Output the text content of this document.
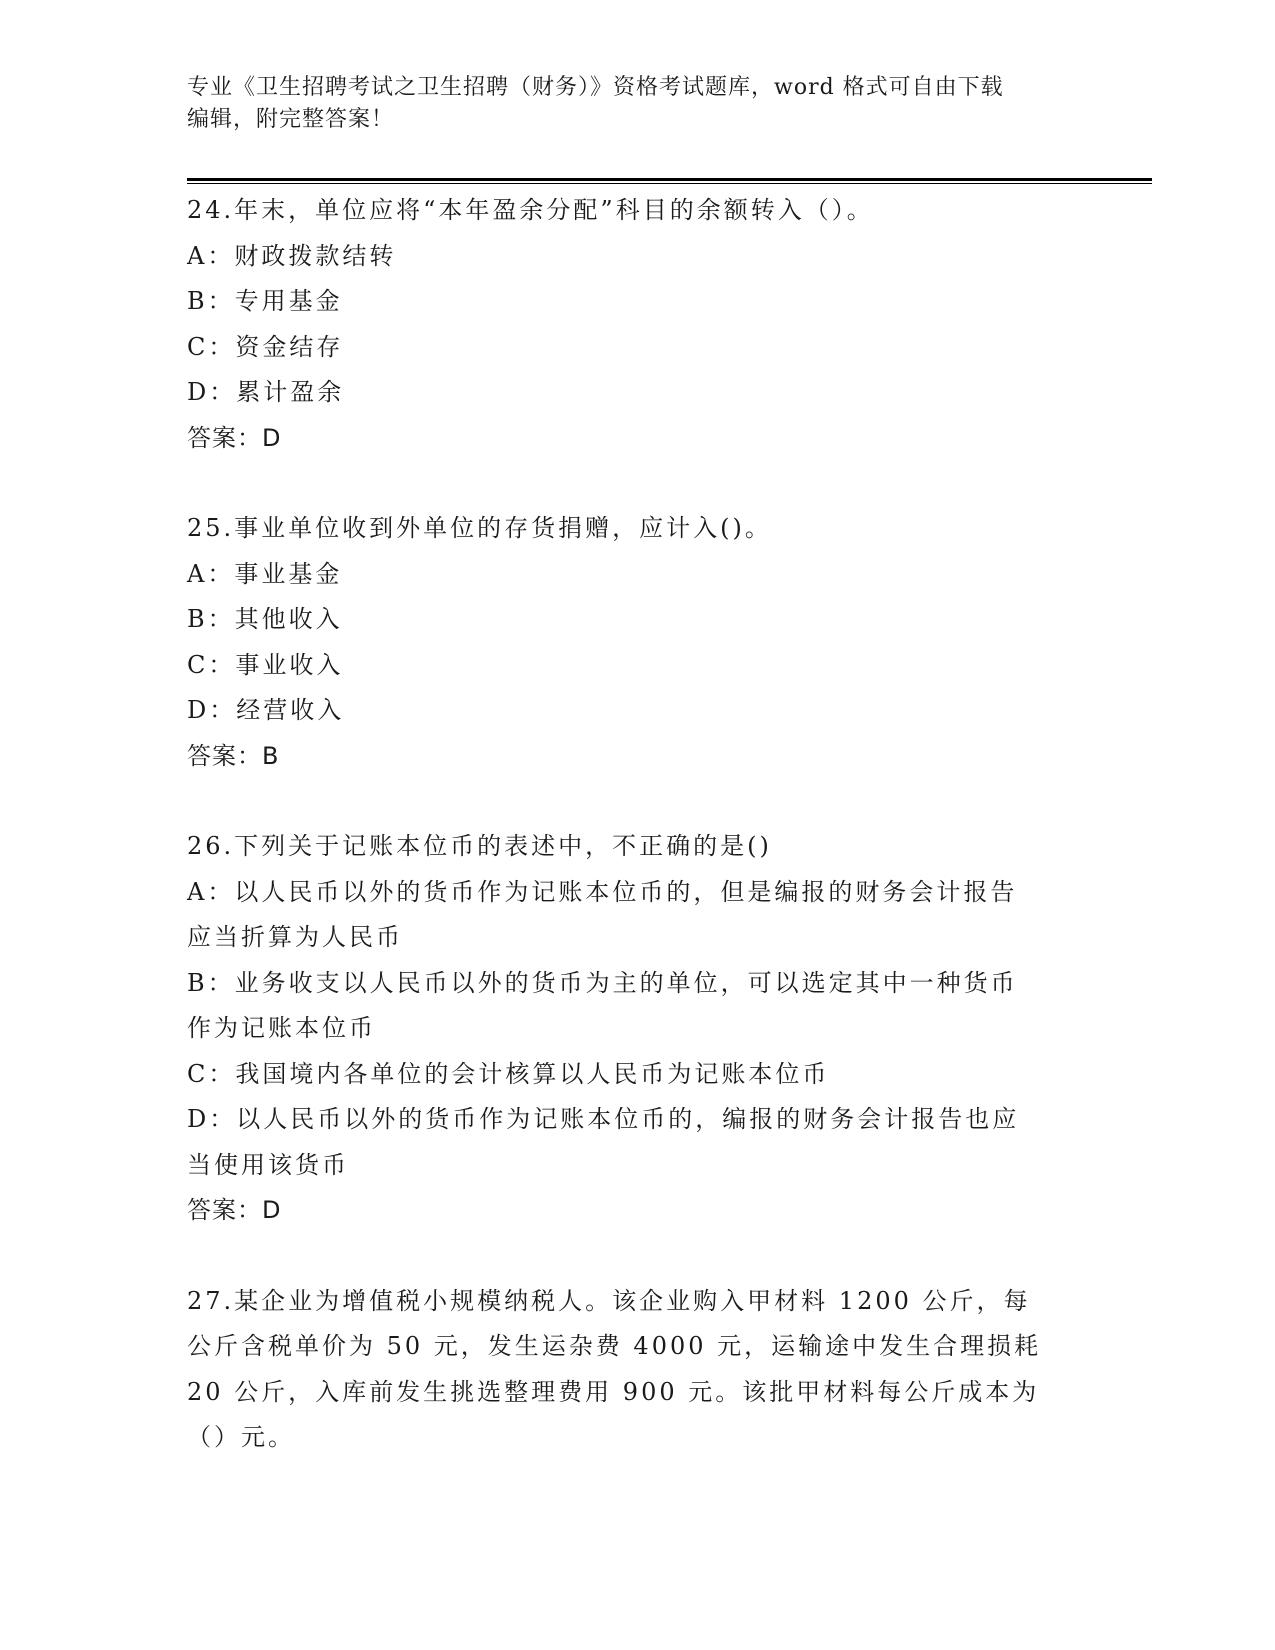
专业《卫生招聘考试之卫生招聘（财务）》资格考试题库，word 格式可自由下载
编辑，附完整答案！
24.年末，单位应将“本年盈余分配”科目的余额转入（）。
A：财政拨款结转
B：专用基金
C：资金结存
D：累计盈余
答案：D
25.事业单位收到外单位的存货捐赠，应计入()。
A：事业基金
B：其他收入
C：事业收入
D：经营收入
答案：B
26.下列关于记账本位币的表述中，不正确的是()
A：以人民币以外的货币作为记账本位币的，但是编报的财务会计报告
应当折算为人民币
B：业务收支以人民币以外的货币为主的单位，可以选定其中一种货币
作为记账本位币
C：我国境内各单位的会计核算以人民币为记账本位币
D：以人民币以外的货币作为记账本位币的，编报的财务会计报告也应
当使用该货币
答案：D
27.某企业为增值税小规模纳税人。该企业购入甲材料 1200 公斤，每
公斤含税单价为 50 元，发生运杂费 4000 元，运输途中发生合理损耗
20 公斤，入库前发生挑选整理费用 900 元。该批甲材料每公斤成本为
（）元。
